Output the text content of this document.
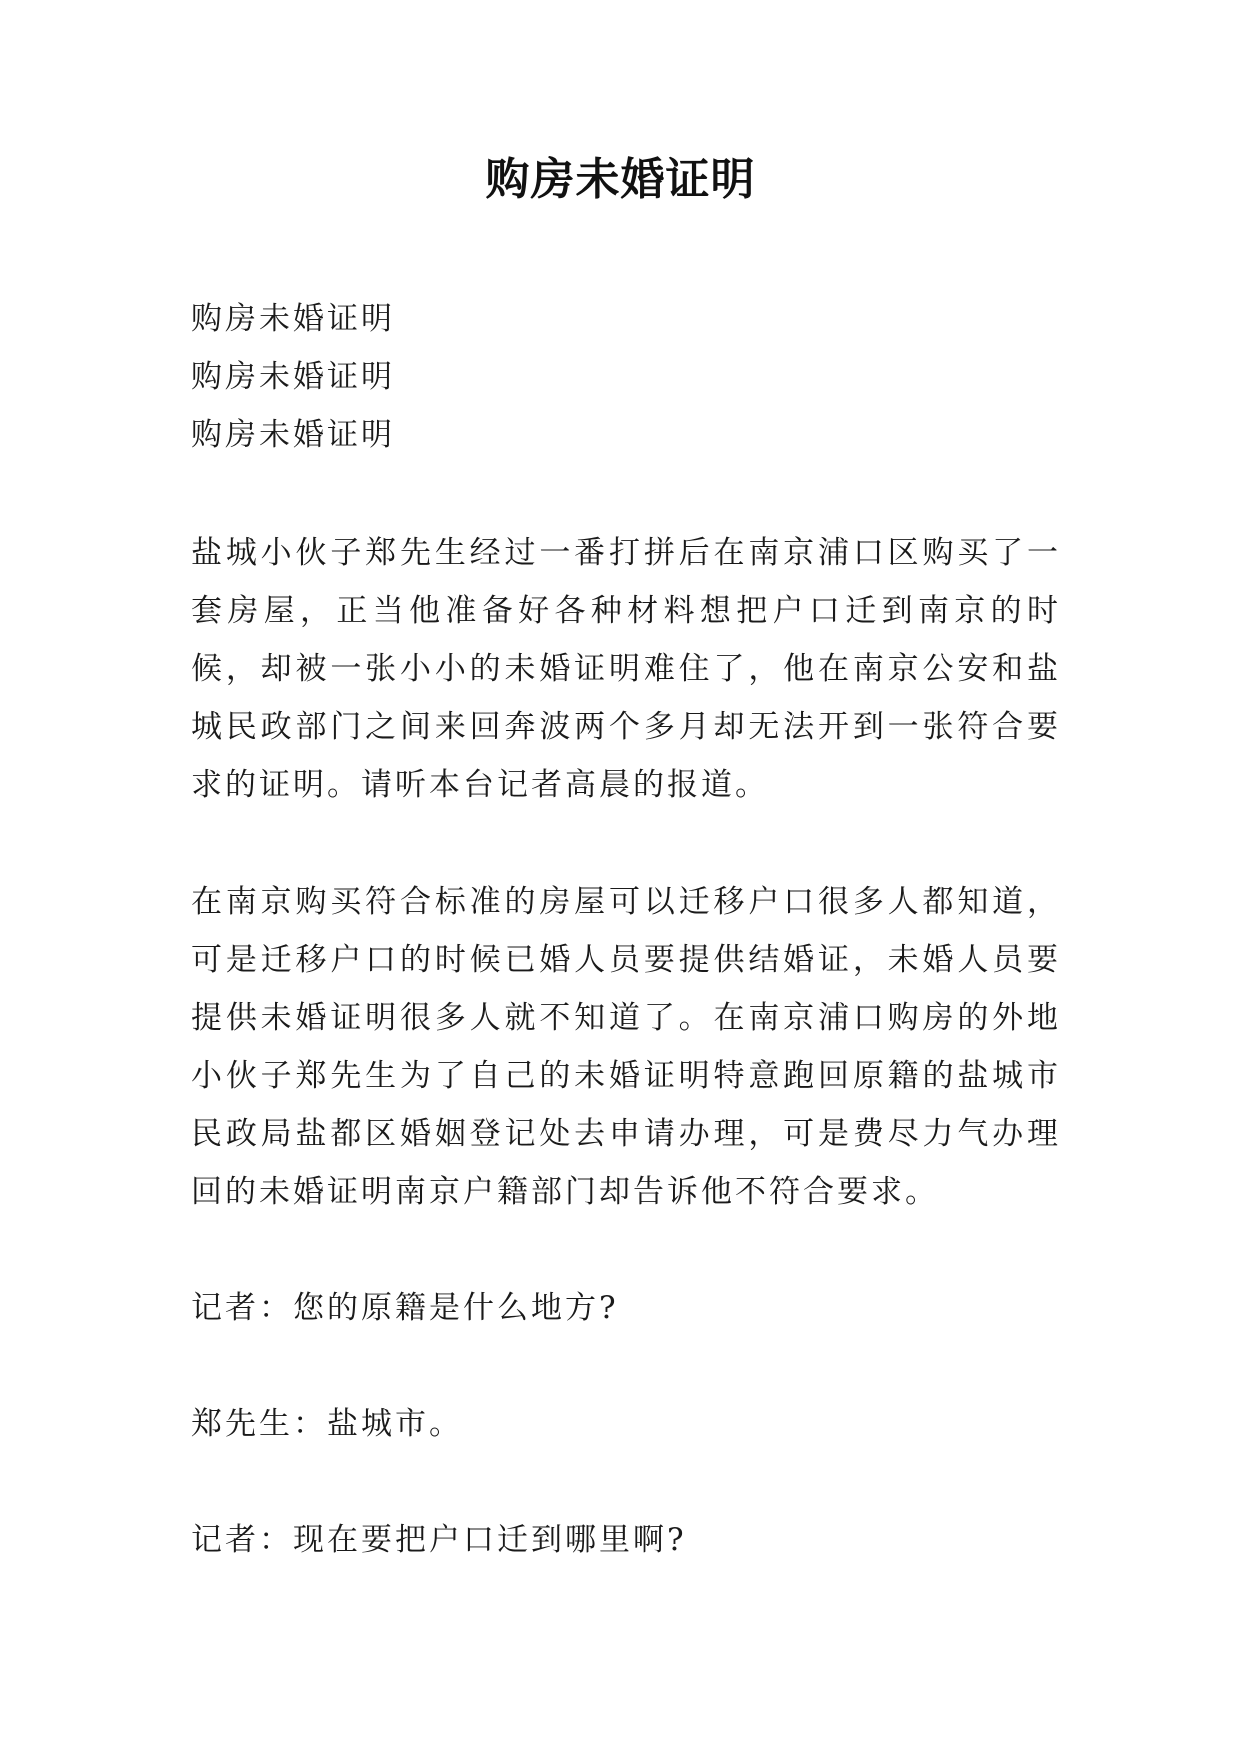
购房未婚证明
购房未婚证明
购房未婚证明
购房未婚证明

盐城小伙子郑先生经过一番打拼后在南京浦口区购买了一套房屋，正当他准备好各种材料想把户口迁到南京的时候，却被一张小小的未婚证明难住了，他在南京公安和盐城民政部门之间来回奔波两个多月却无法开到一张符合要求的证明。请听本台记者高晨的报道。

在南京购买符合标准的房屋可以迁移户口很多人都知道，可是迁移户口的时候已婚人员要提供结婚证，未婚人员要提供未婚证明很多人就不知道了。在南京浦口购房的外地小伙子郑先生为了自己的未婚证明特意跑回原籍的盐城市民政局盐都区婚姻登记处去申请办理，可是费尽力气办理回的未婚证明南京户籍部门却告诉他不符合要求。

记者：您的原籍是什么地方?

郑先生：盐城市。

记者：现在要把户口迁到哪里啊?
